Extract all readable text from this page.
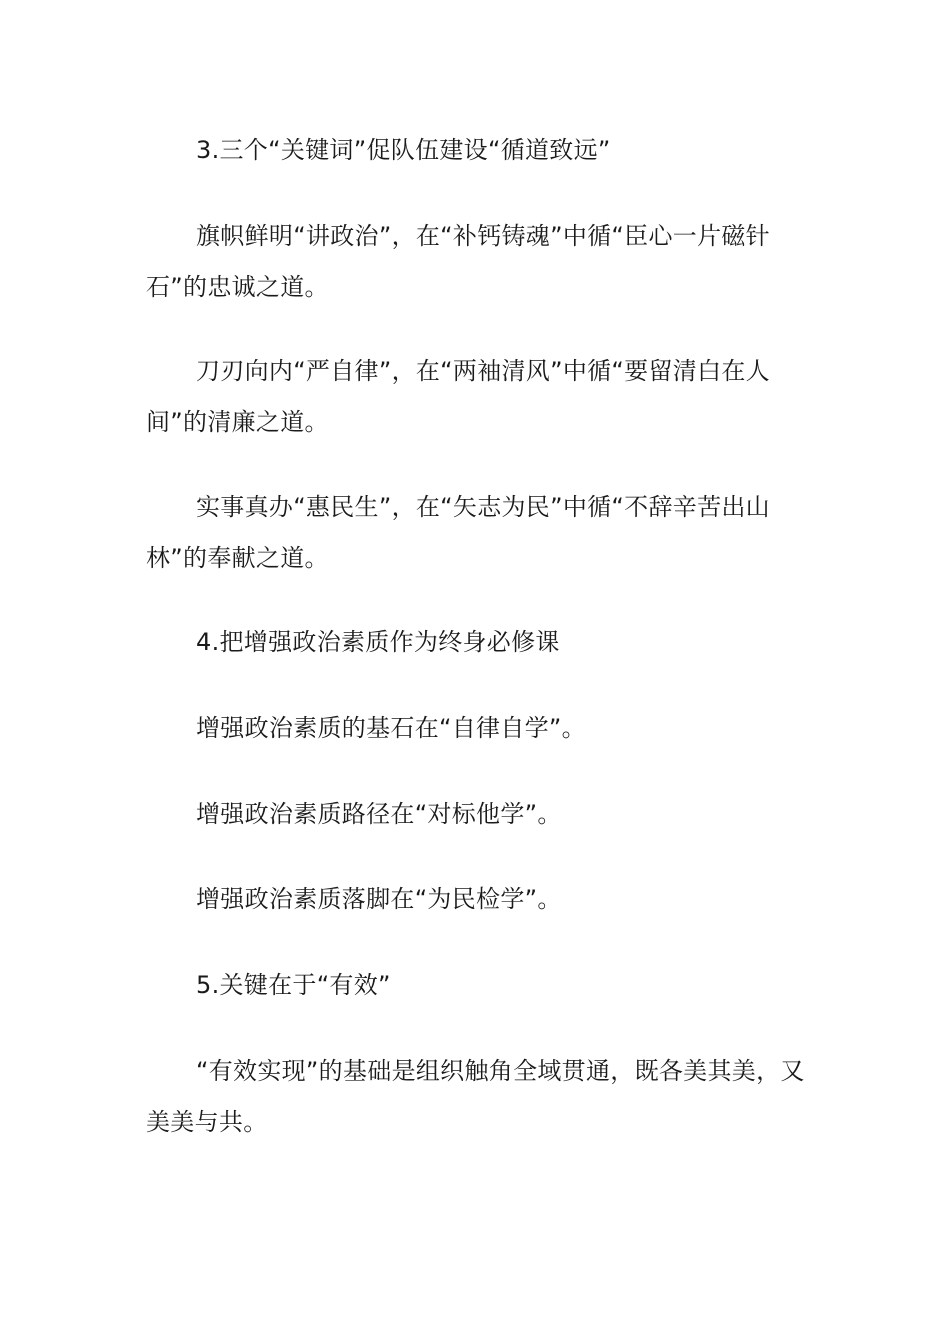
3.三个“关键词”促队伍建设“循道致远”

旗帜鲜明“讲政治”，在“补钙铸魂”中循“臣心一片磁针石”的忠诚之道。

刀刃向内“严自律”，在“两袖清风”中循“要留清白在人间”的清廉之道。

实事真办“惠民生”，在“矢志为民”中循“不辞辛苦出山林”的奉献之道。

4.把增强政治素质作为终身必修课

增强政治素质的基石在“自律自学”。

增强政治素质路径在“对标他学”。

增强政治素质落脚在“为民检学”。

5.关键在于“有效”

“有效实现”的基础是组织触角全域贯通，既各美其美，又美美与共。
